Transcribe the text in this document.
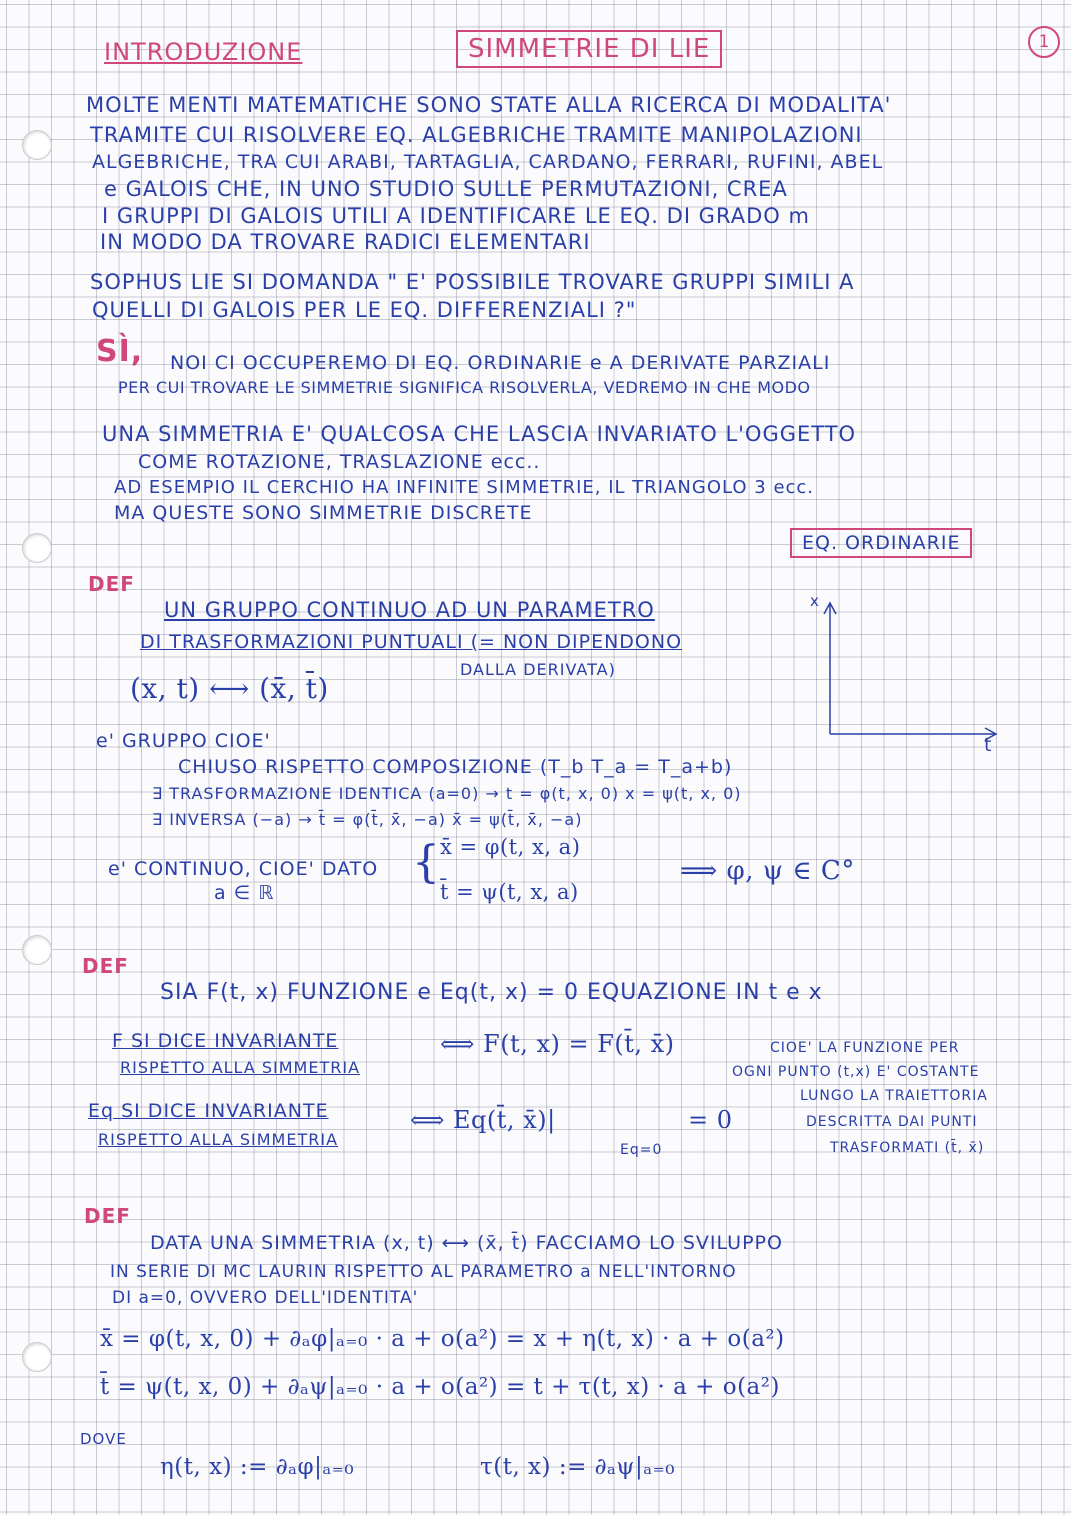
1
INTRODUZIONE	SIMMETRIE DI LIE
MOLTE MENTI MATEMATICHE SONO STATE ALLA RICERCA DI MODALITA'
TRAMITE CUI RISOLVERE EQ. ALGEBRICHE TRAMITE MANIPOLAZIONI
ALGEBRICHE, TRA CUI ARABI, TARTAGLIA, CARDANO, FERRARI, RUFINI, ABEL
e GALOIS CHE, IN UNO STUDIO SULLE PERMUTAZIONI, CREA
I GRUPPI DI GALOIS UTILI A IDENTIFICARE LE EQ. DI GRADO m
IN MODO DA TROVARE RADICI ELEMENTARI
SOPHUS LIE SI DOMANDA " E' POSSIBILE TROVARE GRUPPI SIMILI A
QUELLI DI GALOIS PER LE EQ. DIFFERENZIALI ?"
SÌ, NOI CI OCCUPEREMO DI EQ. ORDINARIE e A DERIVATE PARZIALI
PER CUI TROVARE LE SIMMETRIE SIGNIFICA RISOLVERLA, VEDREMO IN CHE MODO
UNA SIMMETRIA E' QUALCOSA CHE LASCIA INVARIATO L'OGGETTO
COME ROTAZIONE, TRASLAZIONE ecc..
AD ESEMPIO IL CERCHIO HA INFINITE SIMMETRIE, IL TRIANGOLO 3 ecc.
MA QUESTE SONO SIMMETRIE DISCRETE
EQ. ORDINARIE
DEF
UN GRUPPO CONTINUO AD UN PARAMETRO
DI TRASFORMAZIONI PUNTUALI (= NON DIPENDONO
DALLA DERIVATA)
(x, t) ⟷ (x̄, t̄)
t
x
e' GRUPPO CIOE'
CHIUSO RISPETTO COMPOSIZIONE (T_b T_a = T_a+b)
∃ TRASFORMAZIONE IDENTICA (a=0) → t = φ(t, x, 0) x = ψ(t, x, 0)
∃ INVERSA (−a) → t̄ = φ(t̄, x̄, −a) x̄ = ψ(t̄, x̄, −a)
e' CONTINUO, CIOE' DATO
a ∈ ℝ
{ x̄ = φ(t, x, a)
t̄ = ψ(t, x, a)
⟹ φ, ψ ∈ C°
DEF
SIA F(t, x) FUNZIONE e Eq(t, x) = 0 EQUAZIONE IN t e x
F SI DICE INVARIANTE
RISPETTO ALLA SIMMETRIA
⟺ F(t, x) = F(t̄, x̄)	CIOE' LA FUNZIONE PER
OGNI PUNTO (t,x) E' COSTANTE
LUNGO LA TRAIETTORIA
DESCRITTA DAI PUNTI
TRASFORMATI (t̄, x̄)
Eq SI DICE INVARIANTE
RISPETTO ALLA SIMMETRIA
⟺ Eq(t̄, x̄)|
Eq=0
= 0
DEF
DATA UNA SIMMETRIA (x, t) ⟷ (x̄, t̄) FACCIAMO LO SVILUPPO
IN SERIE DI MC LAURIN RISPETTO AL PARAMETRO a NELL'INTORNO
DI a=0, OVVERO DELL'IDENTITA'
x̄ = φ(t, x, 0) + ∂ₐφ|ₐ₌₀ · a + o(a²) = x + η(t, x) · a + o(a²)
t̄ = ψ(t, x, 0) + ∂ₐψ|ₐ₌₀ · a + o(a²) = t + τ(t, x) · a + o(a²)
DOVE
η(t, x) := ∂ₐφ|ₐ₌₀	τ(t, x) := ∂ₐψ|ₐ₌₀
